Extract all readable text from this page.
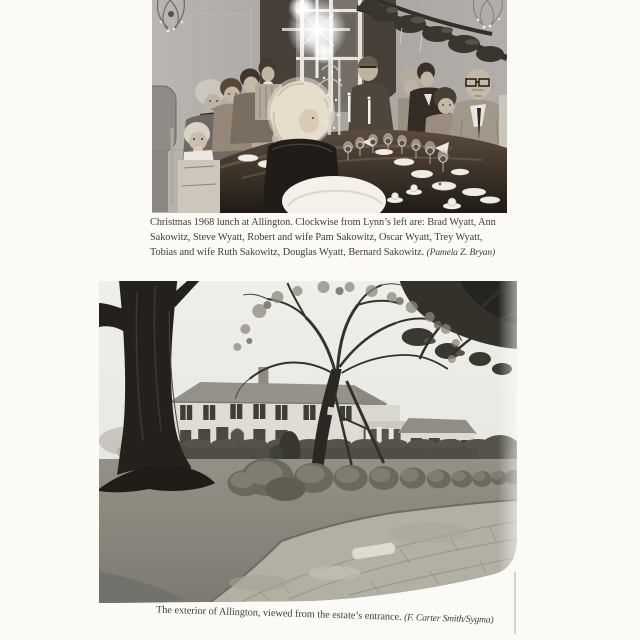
Christmas 1968 lunch at Allington. Clockwise from Lynn’s left are: Brad Wyatt, Ann
Sakowitz, Steve Wyatt, Robert and wife Pam Sakowitz, Oscar Wyatt, Trey Wyatt,
Tobias and wife Ruth Sakowitz, Douglas Wyatt, Bernard Sakowitz. (Pamela Z. Bryan)
The exterior of Allington, viewed from the estate’s entrance. (F. Carter Smith/Sygma)
